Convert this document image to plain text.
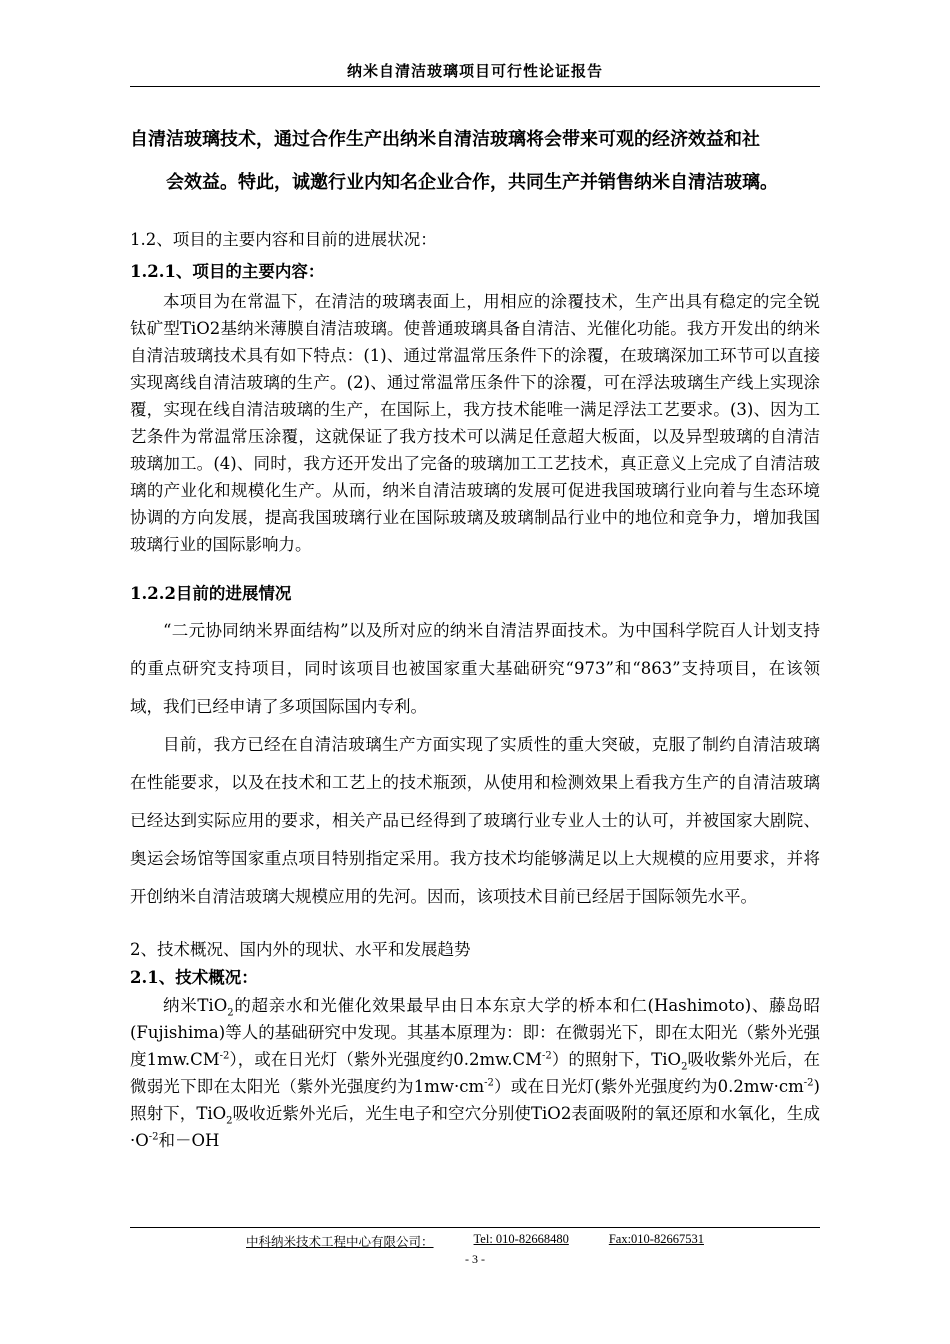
纳米自清洁玻璃项目可行性论证报告

自清洁玻璃技术，通过合作生产出纳米自清洁玻璃将会带来可观的经济效益和社
会效益。特此，诚邀行业内知名企业合作，共同生产并销售纳米自清洁玻璃。

1.2、项目的主要内容和目前的进展状况：

1.2.1、项目的主要内容：

本项目为在常温下，在清洁的玻璃表面上，用相应的涂覆技术，生产出具有稳定的完全锐钛矿型TiO2基纳米薄膜自清洁玻璃。使普通玻璃具备自清洁、光催化功能。我方开发出的纳米自清洁玻璃技术具有如下特点：(1)、通过常温常压条件下的涂覆，在玻璃深加工环节可以直接实现离线自清洁玻璃的生产。(2)、通过常温常压条件下的涂覆，可在浮法玻璃生产线上实现涂覆，实现在线自清洁玻璃的生产，在国际上，我方技术能唯一满足浮法工艺要求。(3)、因为工艺条件为常温常压涂覆，这就保证了我方技术可以满足任意超大板面，以及异型玻璃的自清洁玻璃加工。(4)、同时，我方还开发出了完备的玻璃加工工艺技术，真正意义上完成了自清洁玻璃的产业化和规模化生产。从而，纳米自清洁玻璃的发展可促进我国玻璃行业向着与生态环境协调的方向发展，提高我国玻璃行业在国际玻璃及玻璃制品行业中的地位和竞争力，增加我国玻璃行业的国际影响力。

1.2.2目前的进展情况

“二元协同纳米界面结构”以及所对应的纳米自清洁界面技术。为中国科学院百人计划支持的重点研究支持项目，同时该项目也被国家重大基础研究“973”和“863”支持项目，在该领域，我们已经申请了多项国际国内专利。

目前，我方已经在自清洁玻璃生产方面实现了实质性的重大突破，克服了制约自清洁玻璃在性能要求，以及在技术和工艺上的技术瓶颈，从使用和检测效果上看我方生产的自清洁玻璃已经达到实际应用的要求，相关产品已经得到了玻璃行业专业人士的认可，并被国家大剧院、奥运会场馆等国家重点项目特别指定采用。我方技术均能够满足以上大规模的应用要求，并将开创纳米自清洁玻璃大规模应用的先河。因而，该项技术目前已经居于国际领先水平。

2、技术概况、国内外的现状、水平和发展趋势

2.1、技术概况：

纳米TiO$_2$的超亲水和光催化效果最早由日本东京大学的桥本和仁(Hashimoto)、藤岛昭(Fujishima)等人的基础研究中发现。其基本原理为：即：在微弱光下，即在太阳光（紫外光强度$1mw.CM^{-2}$），或在日光灯（紫外光强度约$0.2mw.CM^{-2}$）的照射下，TiO$_2$吸收紫外光后，在微弱光下即在太阳光（紫外光强度约为$1mw\cdot cm^{-2}$）或在日光灯(紫外光强度约为$0.2mw\cdot cm^{-2}$)照射下，TiO$_2$吸收近紫外光后，光生电子和空穴分别使TiO2表面吸附的氧还原和水氧化，生成$\cdot O^{-2}$和－OH

中科纳米技术工程中心有限公司：	Tel: 010-82668480	Fax:010-82667531
- 3 -
